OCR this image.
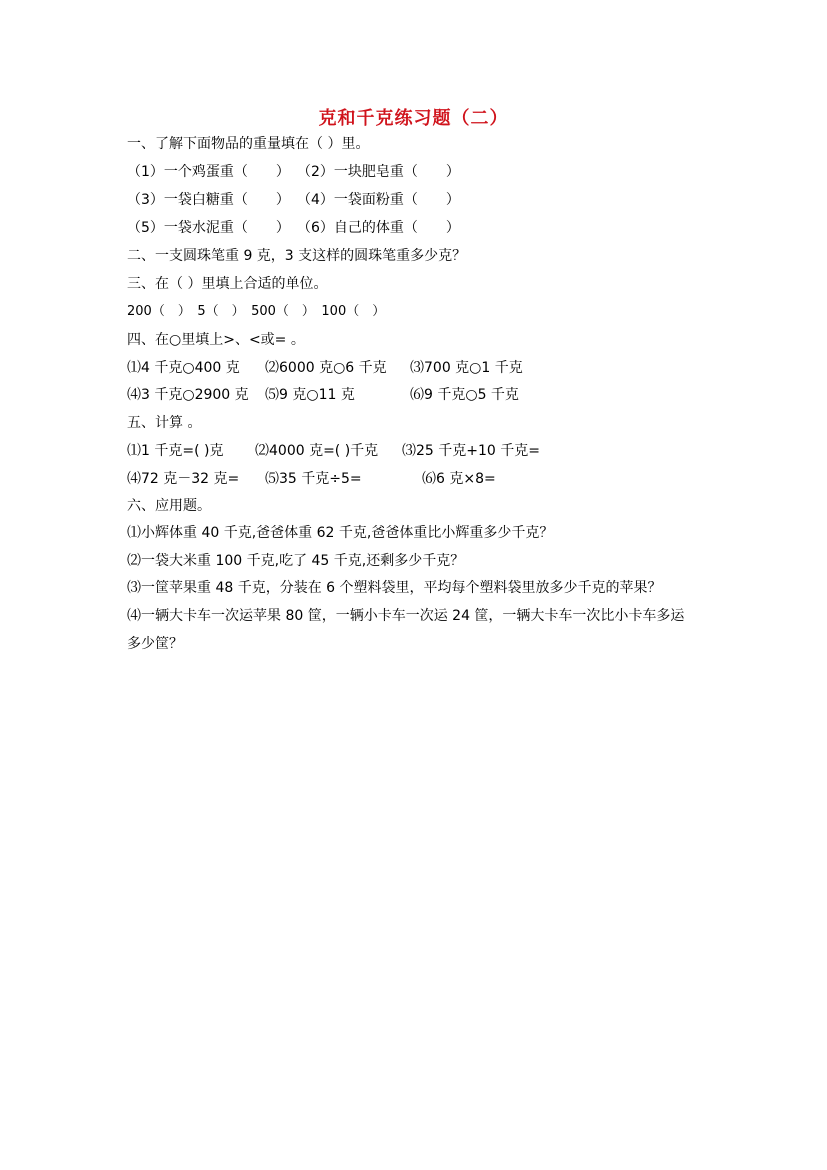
克和千克练习题（二）
一、了解下面物品的重量填在（ ）里。

（1）一个鸡蛋重（　　）

（2）一块肥皂重（　　）

（3）一袋白糖重（　　）

（4）一袋面粉重（　　）

（5）一袋水泥重（　　）

（6）自己的体重（　　）

二、一支圆珠笔重 9 克，3 支这样的圆珠笔重多少克？
三、在（ ）里填上合适的单位。
200（　）　5（　）　500（　）　100（　）
四、在○里填上>、<或= 。

⑴4 千克○400 克

⑵6000 克○6 千克

⑶700 克○1 千克

⑷3 千克○2900 克

⑸9 克○11 克

	⑹9 千克○5 千克

五、计算 。

⑴1 千克=( )克

⑵4000 克=( )千克

⑶25 千克+10 千克=

⑷72 克－32 克=

⑸35 千克÷5=

	⑹6 克×8=

六、应用题。
⑴小辉体重 40 千克,爸爸体重 62 千克,爸爸体重比小辉重多少千克？
⑵一袋大米重 100 千克,吃了 45 千克,还剩多少千克？
⑶一筐苹果重 48 千克，分装在 6 个塑料袋里，平均每个塑料袋里放多少千克的苹果？
⑷一辆大卡车一次运苹果 80 筐，一辆小卡车一次运 24 筐，一辆大卡车一次比小卡车多运
多少筐？
